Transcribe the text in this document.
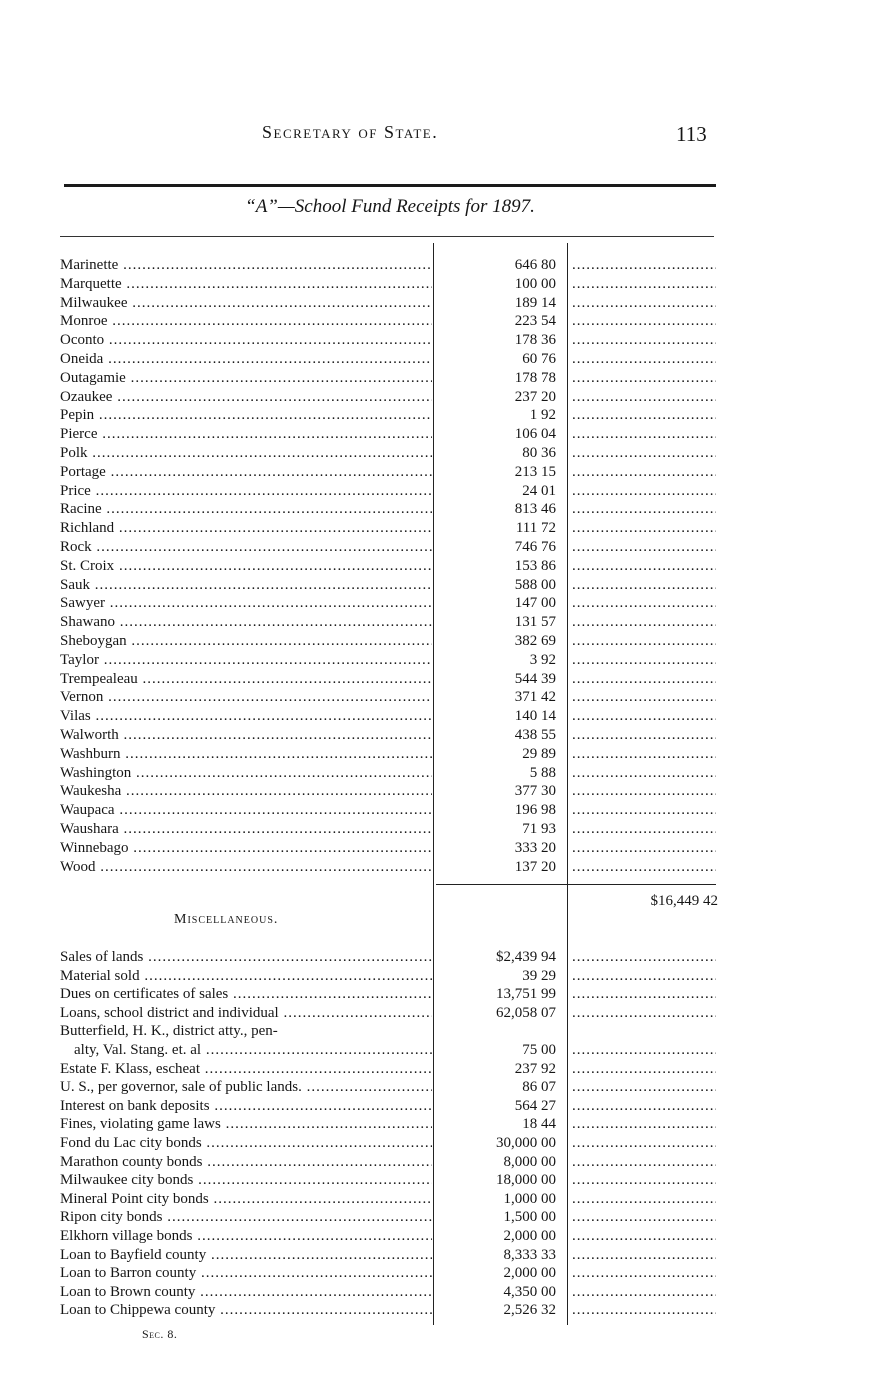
Secretary of State.	113
“A”—School Fund Receipts for 1897.
Marinette .....	646 80
.....
Marquette .....	100 00
.....
Milwaukee .....	189 14
.....
Monroe .....	223 54
.....
Oconto .....	178 36
.....
Oneida .....	60 76
.....
Outagamie .....	178 78
.....
Ozaukee .....	237 20
.....
Pepin .....	1 92
.....
Pierce .....	106 04
.....
Polk .....	80 36
.....
Portage .....	213 15
.....
Price .....	24 01
.....
Racine .....	813 46
.....
Richland .....	111 72
.....
Rock .....	746 76
.....
St. Croix .....	153 86
.....
Sauk .....	588 00
.....
Sawyer .....	147 00
.....
Shawano .....	131 57
.....
Sheboygan .....	382 69
.....
Taylor .....	3 92
.....
Trempealeau .....	544 39
.....
Vernon .....	371 42
.....
Vilas .....	140 14
.....
Walworth .....	438 55
.....
Washburn .....	29 89
.....
Washington .....	5 88
.....
Waukesha .....	377 30
.....
Waupaca .....	196 98
.....
Waushara .....	71 93
.....
Winnebago .....	333 20
.....
Wood .....	137 20
.....
$16,449 42
Miscellaneous.
Sales of lands .....	$2,439 94
.....
Material sold .....	39 29
.....
Dues on certificates of sales .....	13,751 99
.....
Loans, school district and individual .....	62,058 07
.....
Butterfield, H. K., district atty., pen-
alty, Val. Stang. et. al .....	75 00
.....
Estate F. Klass, escheat .....	237 92
.....
U. S., per governor, sale of public lands. .....	86 07
.....
Interest on bank deposits .....	564 27
.....
Fines, violating game laws .....	18 44
.....
Fond du Lac city bonds .....	30,000 00
.....
Marathon county bonds .....	8,000 00
.....
Milwaukee city bonds .....	18,000 00
.....
Mineral Point city bonds .....	1,000 00
.....
Ripon city bonds .....	1,500 00
.....
Elkhorn village bonds .....	2,000 00
.....
Loan to Bayfield county .....	8,333 33
.....
Loan to Barron county .....	2,000 00
.....
Loan to Brown county .....	4,350 00
.....
Loan to Chippewa county .....	2,526 32
.....
Sec. 8.
